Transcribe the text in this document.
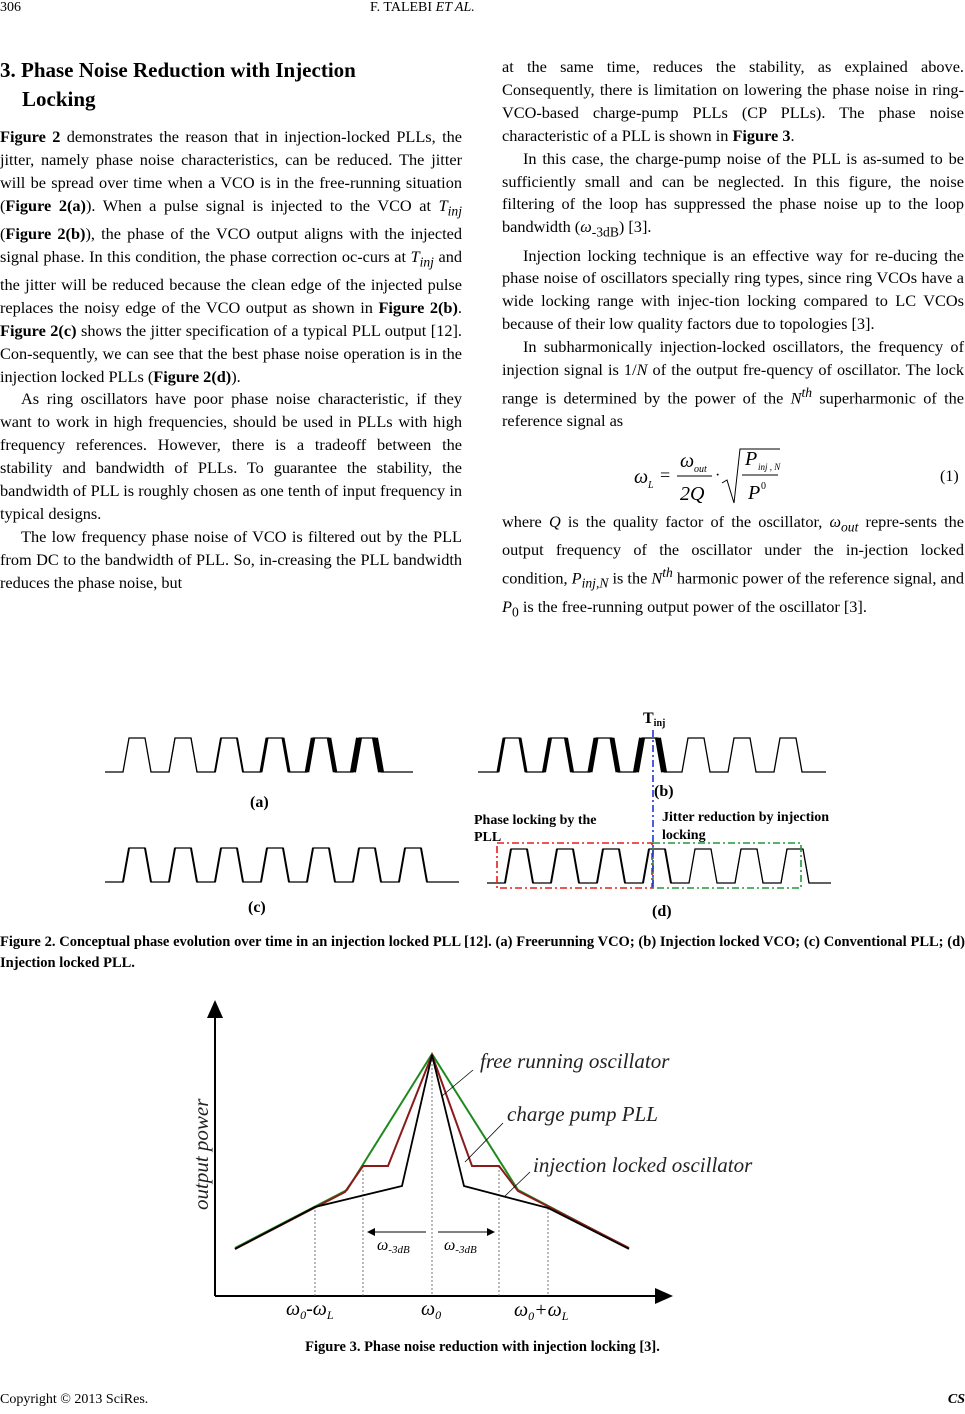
306	F. TALEBI ET AL.
3. Phase Noise Reduction with Injection
Locking

Figure 2 demonstrates the reason that in injection-locked PLLs, the jitter, namely phase noise characteristics, can be reduced. The jitter will be spread over time when a VCO is in the free-running situation (Figure 2(a)). When a pulse signal is injected to the VCO at $T_{inj}$ (Figure 2(b)), the phase of the VCO output aligns with the injected signal phase. In this condition, the phase correction oc-curs at $T_{inj}$ and the jitter will be reduced because the clean edge of the injected pulse replaces the noisy edge of the VCO output as shown in Figure 2(b). Figure 2(c) shows the jitter specification of a typical PLL output [12]. Con-sequently, we can see that the best phase noise operation is in the injection locked PLLs (Figure 2(d)).

As ring oscillators have poor phase noise characteristic, if they want to work in high frequencies, should be used in PLLs with high frequency references. However, there is a tradeoff between the stability and bandwidth of PLLs. To guarantee the stability, the bandwidth of PLL is roughly chosen as one tenth of input frequency in typical designs.

The low frequency phase noise of VCO is filtered out by the PLL from DC to the bandwidth of PLL. So, in-creasing the PLL bandwidth reduces the phase noise, but

at the same time, reduces the stability, as explained above. Consequently, there is limitation on lowering the phase noise in ring-VCO-based charge-pump PLLs (CP PLLs). The phase noise characteristic of a PLL is shown in Figure 3.

In this case, the charge-pump noise of the PLL is as-sumed to be sufficiently small and can be neglected. In this figure, the noise filtering of the loop has suppressed the phase noise up to the loop bandwidth $(\omega_{-3dB})$ [3].

Injection locking technique is an effective way for re-ducing the phase noise of oscillators specially ring types, since ring VCOs have a wide locking range with injec-tion locking compared to LC VCOs because of their low quality factors due to topologies [3].

In subharmonically injection-locked oscillators, the frequency of injection signal is 1/N of the output fre-quency of oscillator. The lock range is determined by the power of the $N^{th}$ superharmonic of the reference signal as

ω L
=
ω out
2Q
·
P inj , N
P 0
(1)

where Q is the quality factor of the oscillator, $\omega_{out}$ repre-sents the output frequency of the oscillator under the in-jection locked condition, $P_{inj,N}$ is the $N^{th}$ harmonic power of the reference signal, and $P_0$ is the free-running output power of the oscillator [3].

Tinj
(a)
(b)
(c)	(d)
Phase locking by the PLL
Jitter reduction by injection locking
Figure 2. Conceptual phase evolution over time in an injection locked PLL [12]. (a) Freerunning VCO; (b) Injection locked VCO; (c) Conventional PLL; (d) Injection locked PLL.
output power
free running oscillator
charge pump PLL
injection locked oscillator
ω-3dB ω-3dB
$\omega_0-\omega_L$	$\omega_0$	$\omega_0+\omega_L$
Figure 3. Phase noise reduction with injection locking [3].
Copyright © 2013 SciRes.	CS
